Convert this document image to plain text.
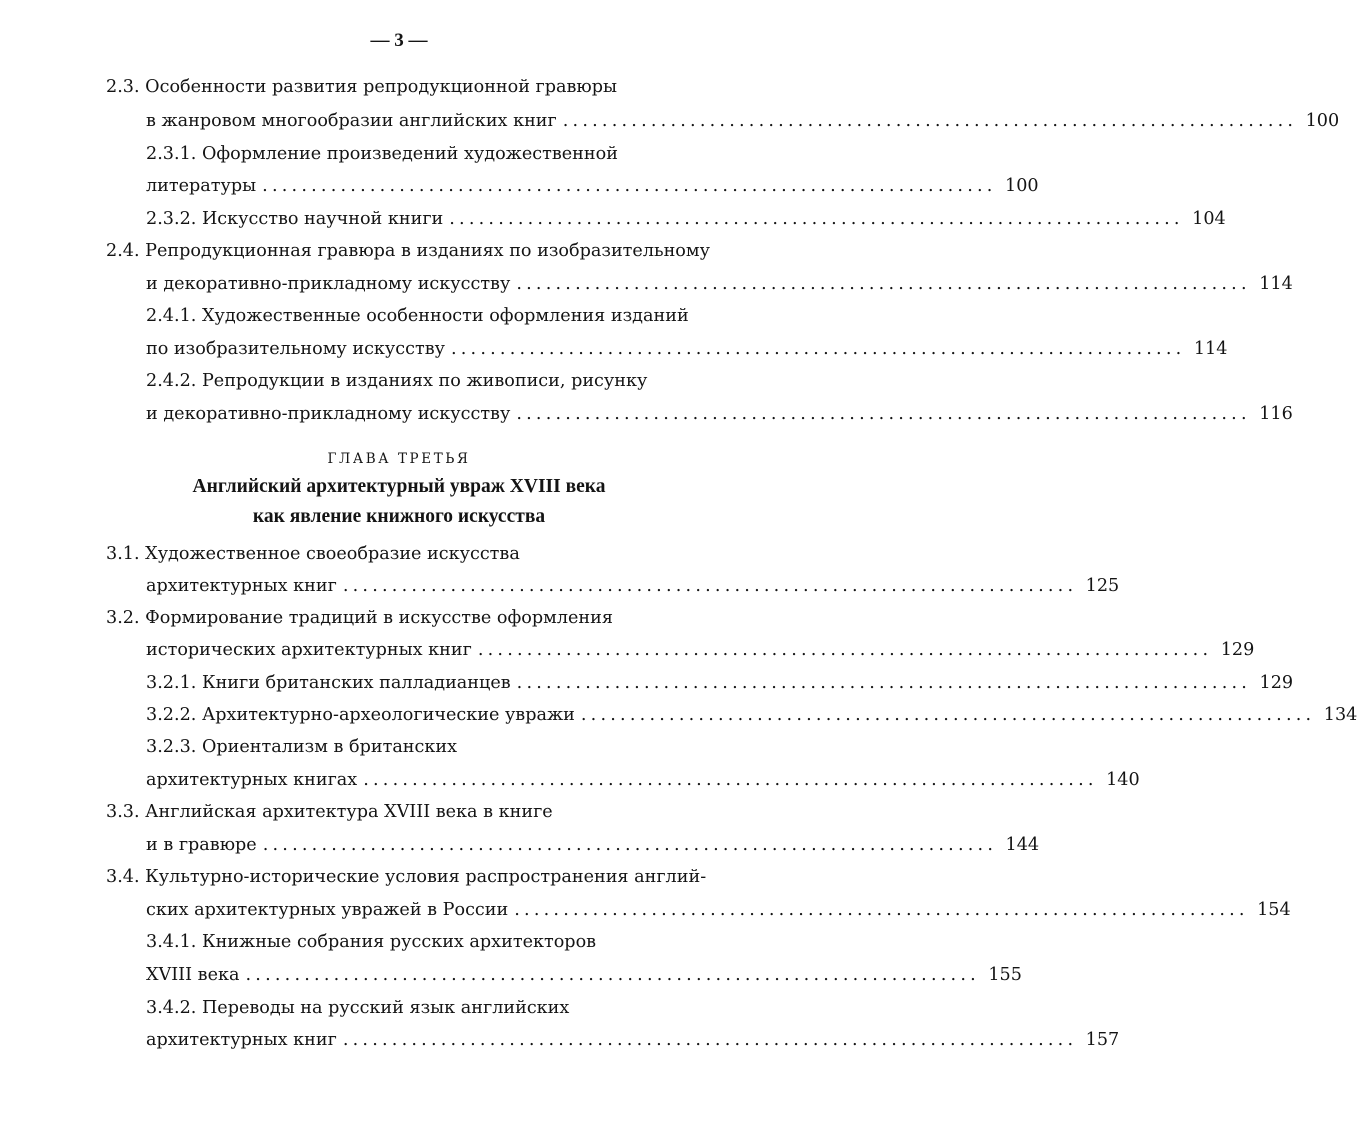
— 3 —
2.3. Особенности развития репродукционной гравюры
в жанровом многообразии английских книг ........................................................................... 100
2.3.1. Оформление произведений художественной
литературы ........................................................................... 100
2.3.2. Искусство научной книги ........................................................................... 104
2.4. Репродукционная гравюра в изданиях по изобразительному
и декоративно-прикладному искусству ........................................................................... 114
2.4.1. Художественные особенности оформления изданий
по изобразительному искусству ........................................................................... 114
2.4.2. Репродукции в изданиях по живописи, рисунку
и декоративно-прикладному искусству ........................................................................... 116
ГЛАВА ТРЕТЬЯ
Английский архитектурный увраж XVIII века
как явление книжного искусства
3.1. Художественное своеобразие искусства
архитектурных книг ........................................................................... 125
3.2. Формирование традиций в искусстве оформления
исторических архитектурных книг ........................................................................... 129
3.2.1. Книги британских палладианцев ........................................................................... 129
3.2.2. Архитектурно-археологические увражи ........................................................................... 134
3.2.3. Ориентализм в британских
архитектурных книгах ........................................................................... 140
3.3. Английская архитектура XVIII века в книге
и в гравюре ........................................................................... 144
3.4. Культурно-исторические условия распространения англий-
ских архитектурных увражей в России ........................................................................... 154
3.4.1. Книжные собрания русских архитекторов
XVIII века ........................................................................... 155
3.4.2. Переводы на русский язык английских
архитектурных книг ........................................................................... 157
